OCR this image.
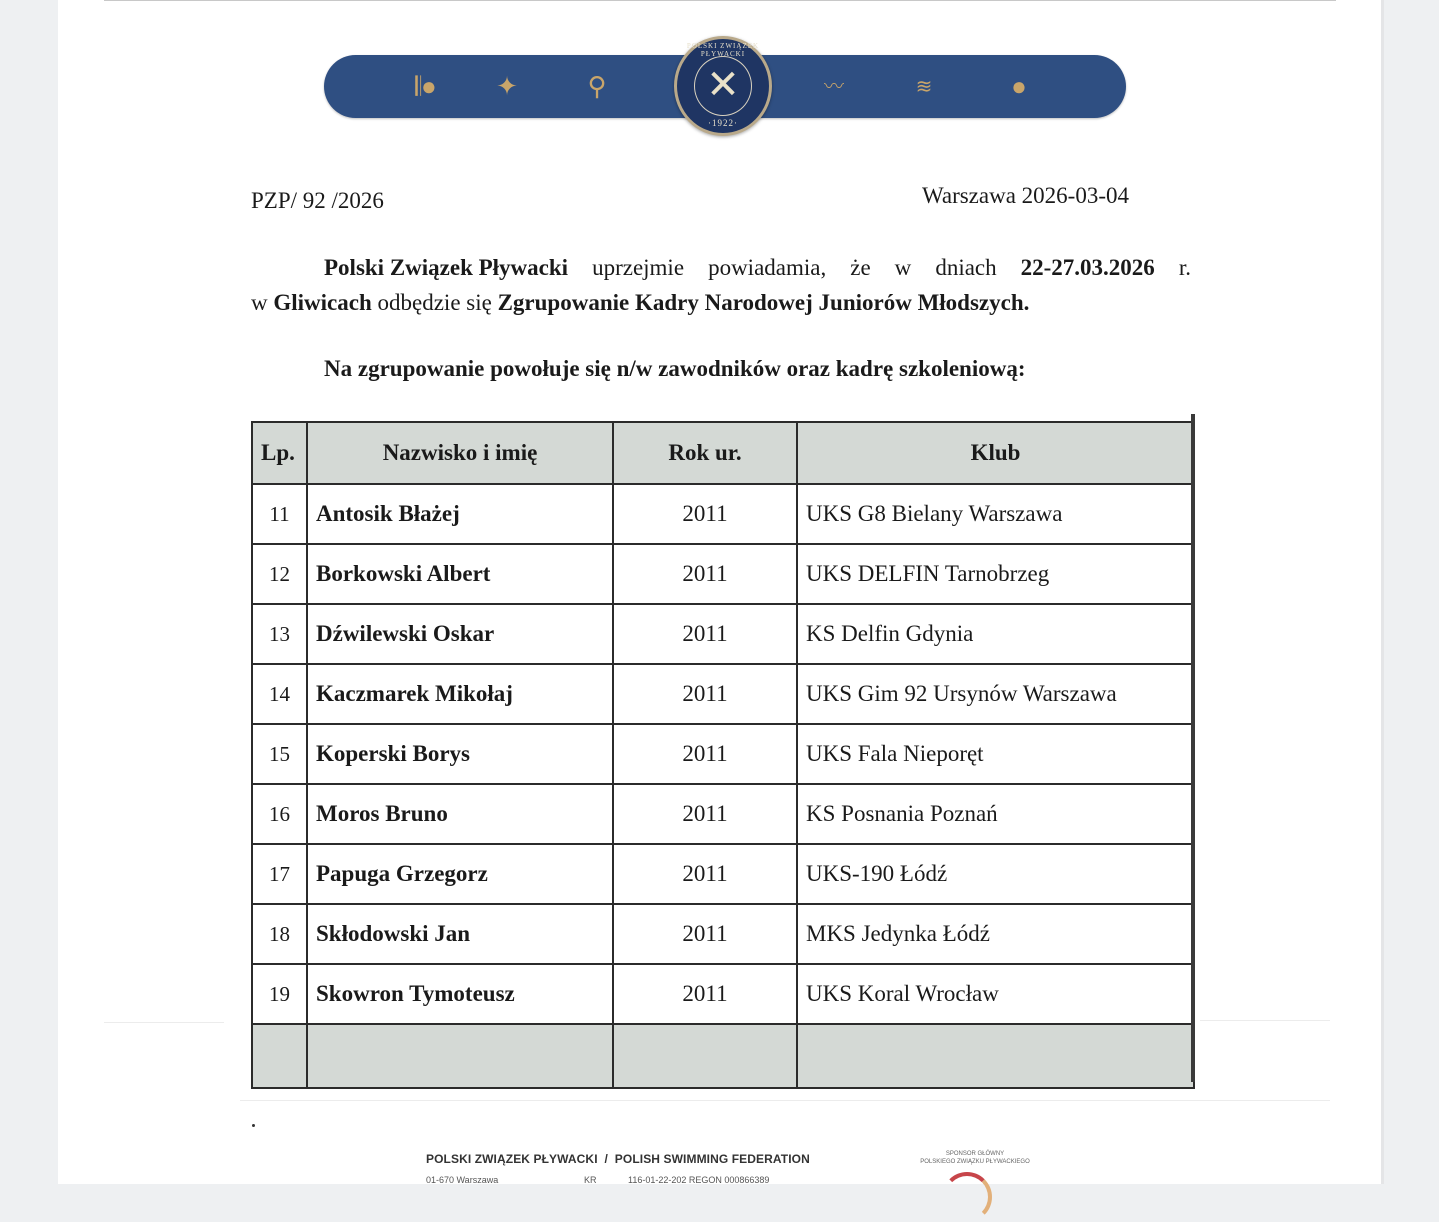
𝄃●	✦	⚲	〰	≋	●
POLSKI ZWIĄZEK PŁYWACKI
✕
·1922·
PZP/ 92 /2026	Warszawa 2026-03-04
Polski Związek Pływacki uprzejmie powiadamia, że w dniach 22-27.03.2026 r.
w Gliwicach odbędzie się Zgrupowanie Kadry Narodowej Juniorów Młodszych.
Na zgrupowanie powołuje się n/w zawodników oraz kadrę szkoleniową:
Lp.	Nazwisko i imię	Rok ur.	Klub
11	Antosik Błażej	2011	UKS G8 Bielany Warszawa
12	Borkowski Albert	2011	UKS DELFIN Tarnobrzeg
13	Dźwilewski Oskar	2011	KS Delfin Gdynia
14	Kaczmarek Mikołaj	2011	UKS Gim 92 Ursynów Warszawa
15	Koperski Borys	2011	UKS Fala Nieporęt
16	Moros Bruno	2011	KS Posnania Poznań
17	Papuga Grzegorz	2011	UKS-190 Łódź
18	Skłodowski Jan	2011	MKS Jedynka Łódź
19	Skowron Tymoteusz	2011	UKS Koral Wrocław

POLSKI ZWIĄZEK PŁYWACKI  /  POLISH SWIMMING FEDERATION
01-670 Warszawa	KR	116-01-22-202 REGON 000866389
SPONSOR GŁÓWNY
POLSKIEGO ZWIĄZKU PŁYWACKIEGO
